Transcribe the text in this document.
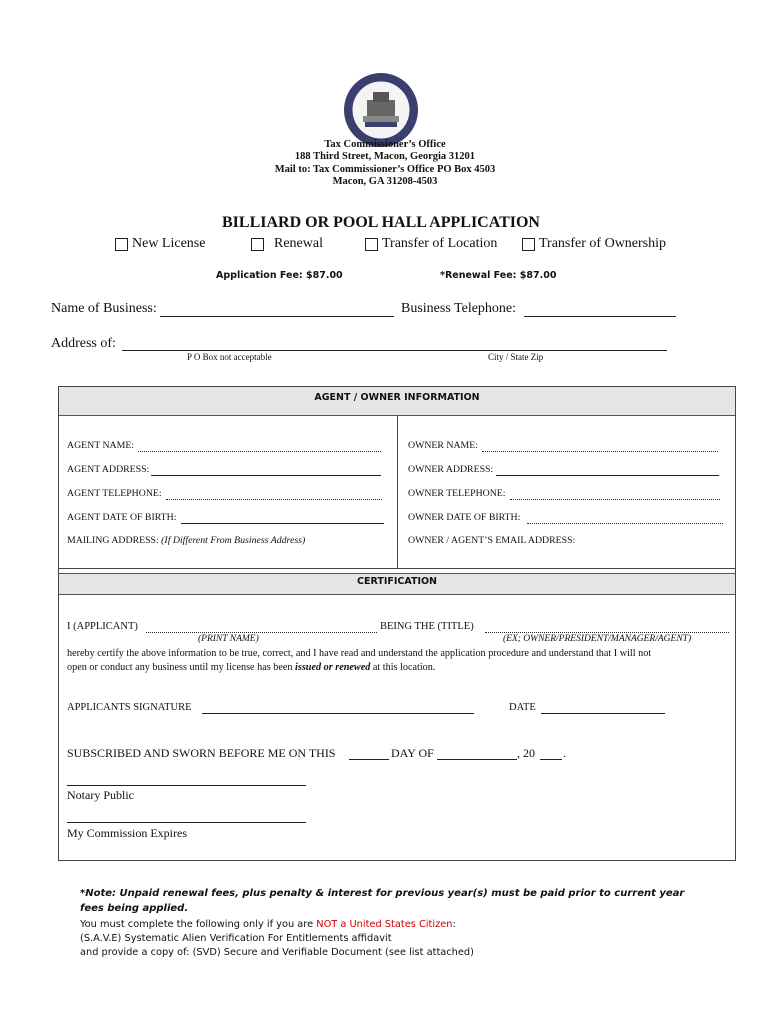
Tax Commissioner’s Office
188 Third Street, Macon, Georgia 31201
Mail to: Tax Commissioner’s Office PO Box 4503
Macon, GA 31208-4503
BILLIARD OR POOL HALL APPLICATION
New License	Renewal	Transfer of Location	Transfer of Ownership
Application Fee: $87.00	*Renewal Fee: $87.00
Name of Business:	Business Telephone:
Address of:
P O Box not acceptable	City / State Zip
AGENT / OWNER INFORMATION
AGENT NAME:	OWNER NAME:
AGENT ADDRESS:	OWNER ADDRESS:
AGENT TELEPHONE:	OWNER TELEPHONE:
AGENT DATE OF BIRTH:	OWNER DATE OF BIRTH:
MAILING ADDRESS: (If Different From Business Address)	OWNER / AGENT’S EMAIL ADDRESS:
CERTIFICATION
I (APPLICANT)	BEING THE (TITLE)
(PRINT NAME)	(EX; OWNER/PRESIDENT/MANAGER/AGENT)
hereby certify the above information to be true, correct, and I have read and understand the application procedure and understand that I will not
open or conduct any business until my license has been issued or renewed at this location.
APPLICANTS SIGNATURE	DATE
SUBSCRIBED AND SWORN BEFORE ME ON THIS	DAY OF	, 20 .
Notary Public
My Commission Expires
*Note: Unpaid renewal fees, plus penalty & interest for previous year(s) must be paid prior to current year fees being applied.
You must complete the following only if you are NOT a United States Citizen:
(S.A.V.E) Systematic Alien Verification For Entitlements affidavit
and provide a copy of: (SVD) Secure and Verifiable Document (see list attached)
